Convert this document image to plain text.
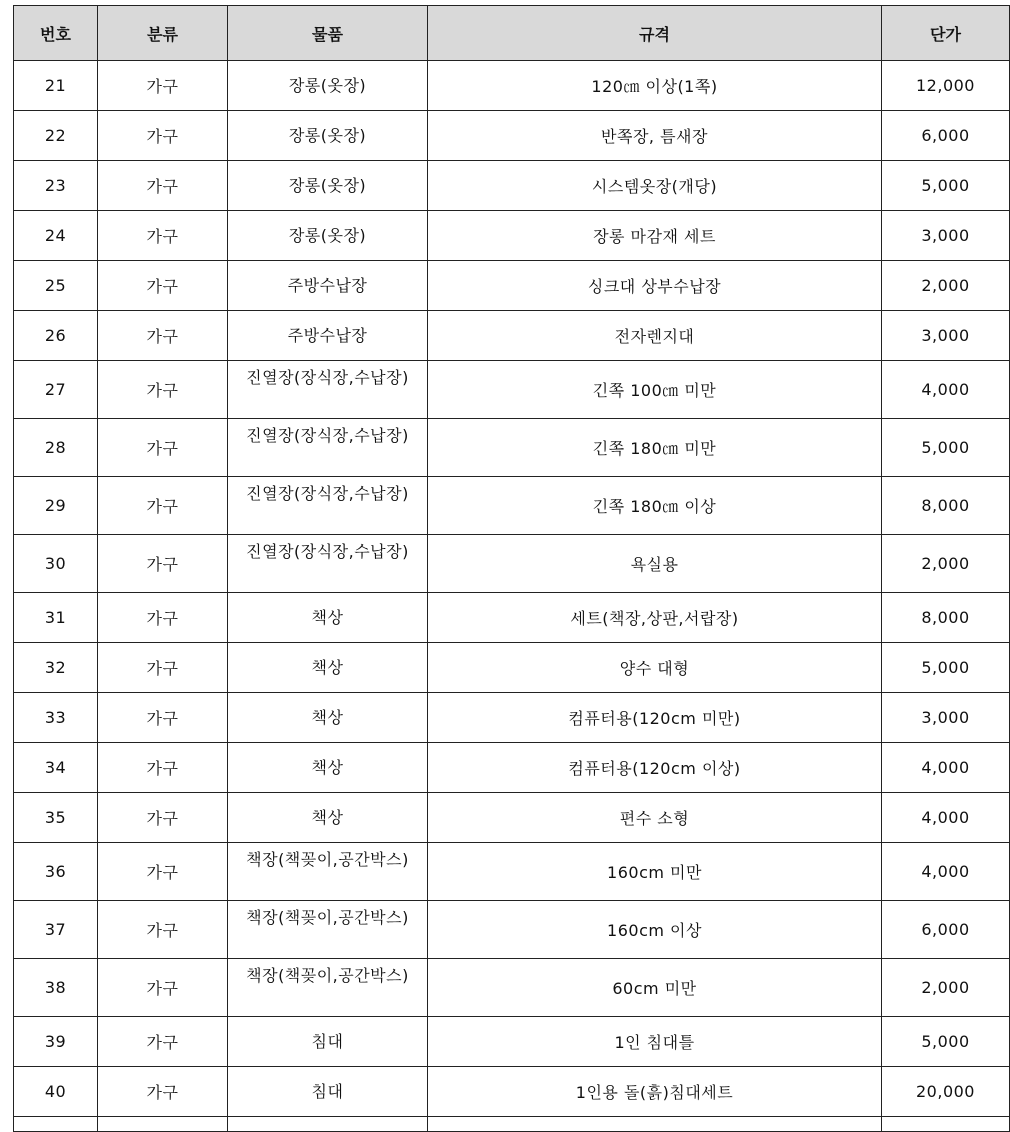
번호	분류	물품	규격	단가
21	가구	장롱(옷장)	120㎝ 이상(1쪽)	12,000
22	가구	장롱(옷장)	반쪽장, 틈새장	6,000
23	가구	장롱(옷장)	시스템옷장(개당)	5,000
24	가구	장롱(옷장)	장롱 마감재 세트	3,000
25	가구	주방수납장	싱크대 상부수납장	2,000
26	가구	주방수납장	전자렌지대	3,000
27	가구	진열장(장식장,수납장)	긴쪽 100㎝ 미만	4,000
28	가구	진열장(장식장,수납장)	긴쪽 180㎝ 미만	5,000
29	가구	진열장(장식장,수납장)	긴쪽 180㎝ 이상	8,000
30	가구	진열장(장식장,수납장)	욕실용	2,000
31	가구	책상	세트(책장,상판,서랍장)	8,000
32	가구	책상	양수 대형	5,000
33	가구	책상	컴퓨터용(120cm 미만)	3,000
34	가구	책상	컴퓨터용(120cm 이상)	4,000
35	가구	책상	편수 소형	4,000
36	가구	책장(책꽂이,공간박스)	160cm 미만	4,000
37	가구	책장(책꽂이,공간박스)	160cm 이상	6,000
38	가구	책장(책꽂이,공간박스)	60cm 미만	2,000
39	가구	침대	1인 침대틀	5,000
40	가구	침대	1인용 돌(흙)침대세트	20,000
